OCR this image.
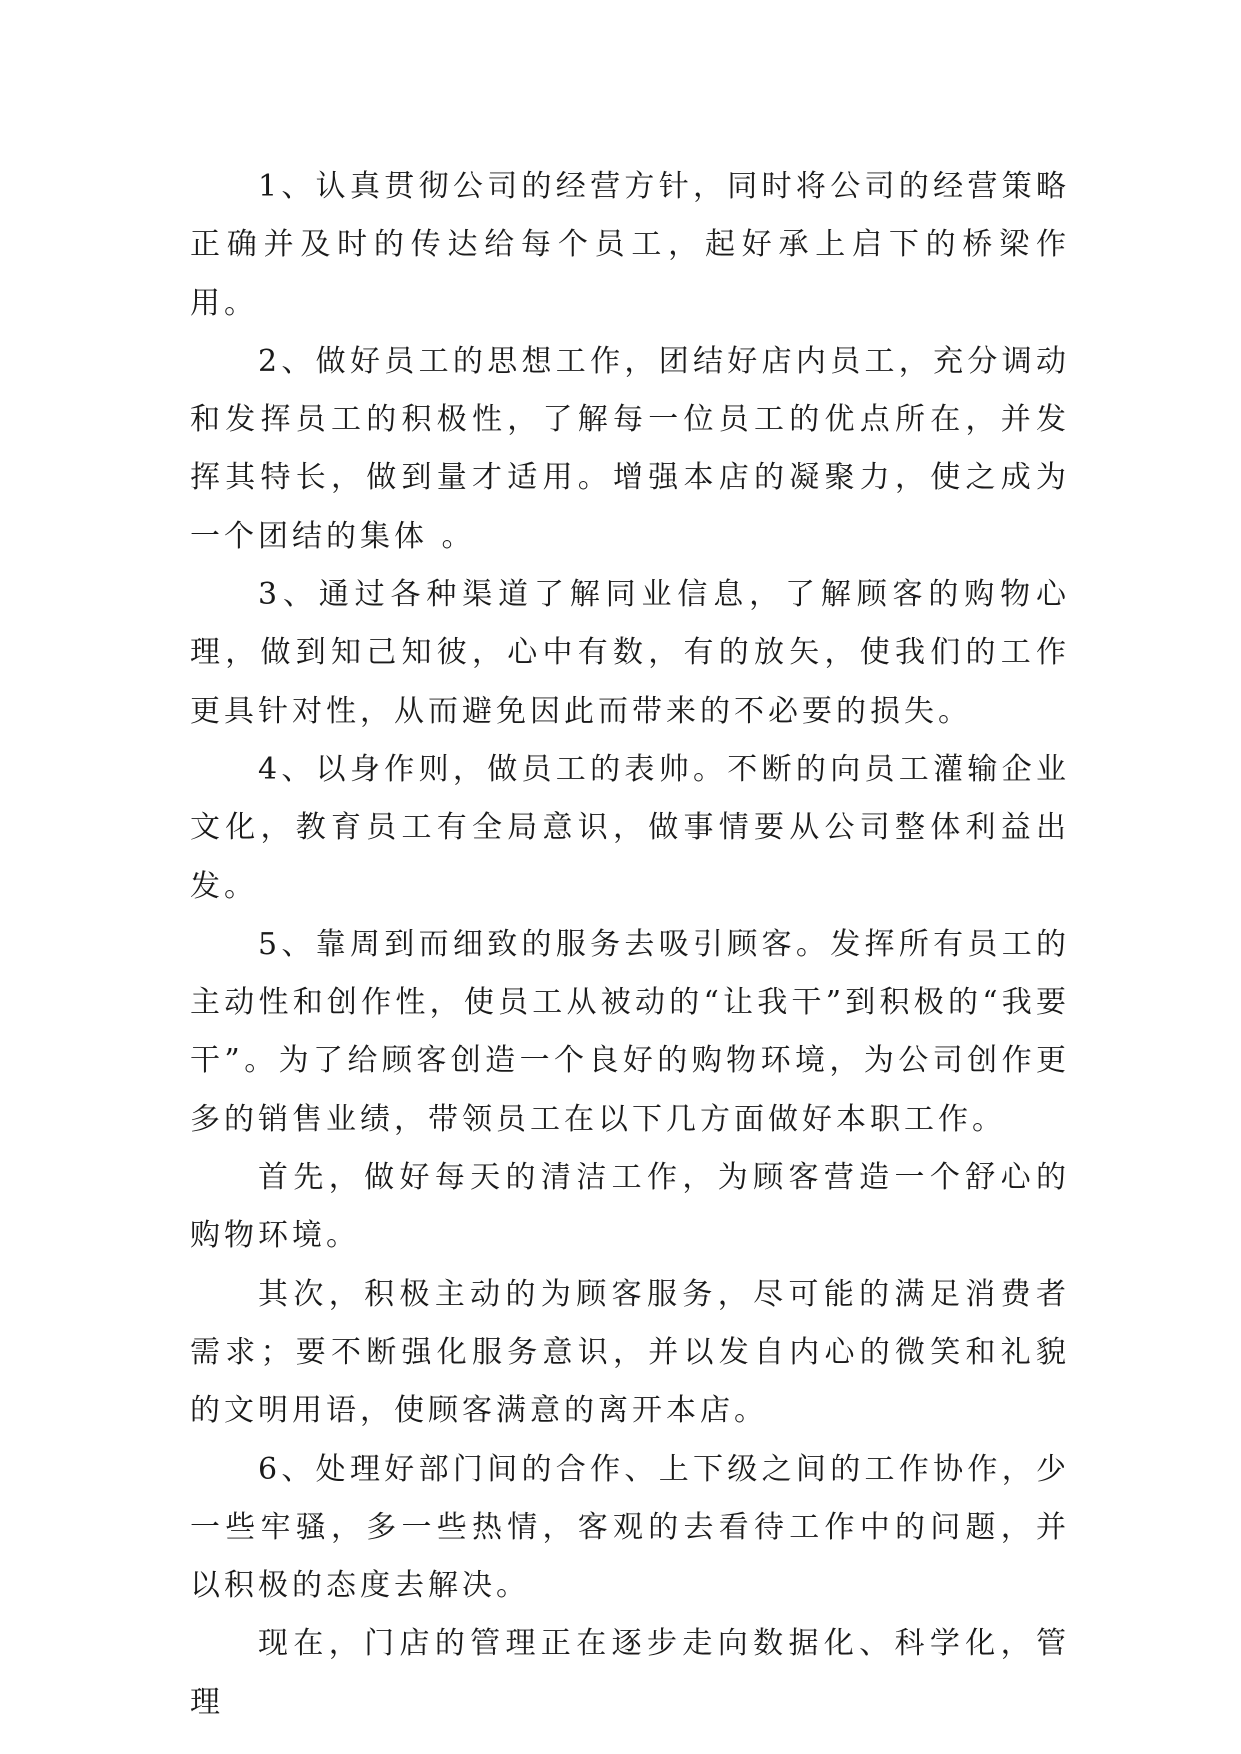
1、认真贯彻公司的经营方针，同时将公司的经营策略正确并及时的传达给每个员工，起好承上启下的桥梁作用。

2、做好员工的思想工作，团结好店内员工，充分调动和发挥员工的积极性，了解每一位员工的优点所在，并发挥其特长，做到量才适用。增强本店的凝聚力，使之成为一个团结的集体 。

3、通过各种渠道了解同业信息，了解顾客的购物心理，做到知己知彼，心中有数，有的放矢，使我们的工作更具针对性，从而避免因此而带来的不必要的损失。

4、以身作则，做员工的表帅。不断的向员工灌输企业文化，教育员工有全局意识，做事情要从公司整体利益出发。

5、靠周到而细致的服务去吸引顾客。发挥所有员工的主动性和创作性，使员工从被动的“让我干”到积极的“我要干”。为了给顾客创造一个良好的购物环境，为公司创作更多的销售业绩，带领员工在以下几方面做好本职工作。

首先，做好每天的清洁工作，为顾客营造一个舒心的购物环境。

其次，积极主动的为顾客服务，尽可能的满足消费者需求；要不断强化服务意识，并以发自内心的微笑和礼貌的文明用语，使顾客满意的离开本店。

6、处理好部门间的合作、上下级之间的工作协作，少一些牢骚，多一些热情，客观的去看待工作中的问题，并以积极的态度去解决。

现在，门店的管理正在逐步走向数据化、科学化，管理
